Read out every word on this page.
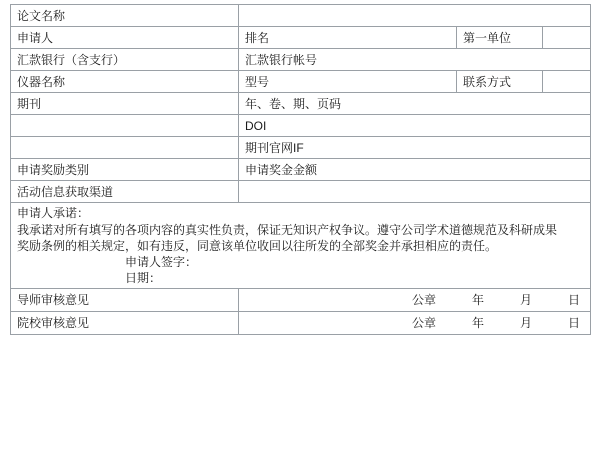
论文名称			
申请人	排名	第一单位	
汇款银行（含支行）	汇款银行帐号		
仪器名称	型号	联系方式	
期刊	年、卷、期、页码		
	DOI		
	期刊官网IF		
申请奖励类别	申请奖金金额		
活动信息获取渠道			

申请人承诺：

我承诺对所有填写的各项内容的真实性负责，保证无知识产权争议。遵守公司学术道德规范及科研成果

奖励条例的相关规定，如有违反，同意该单位收回以往所发的全部奖金并承担相应的责任。

申请人签字：

日期：			

导师审核意见	公章 年 月 日		

院校审核意见	公章 年 月 日		
